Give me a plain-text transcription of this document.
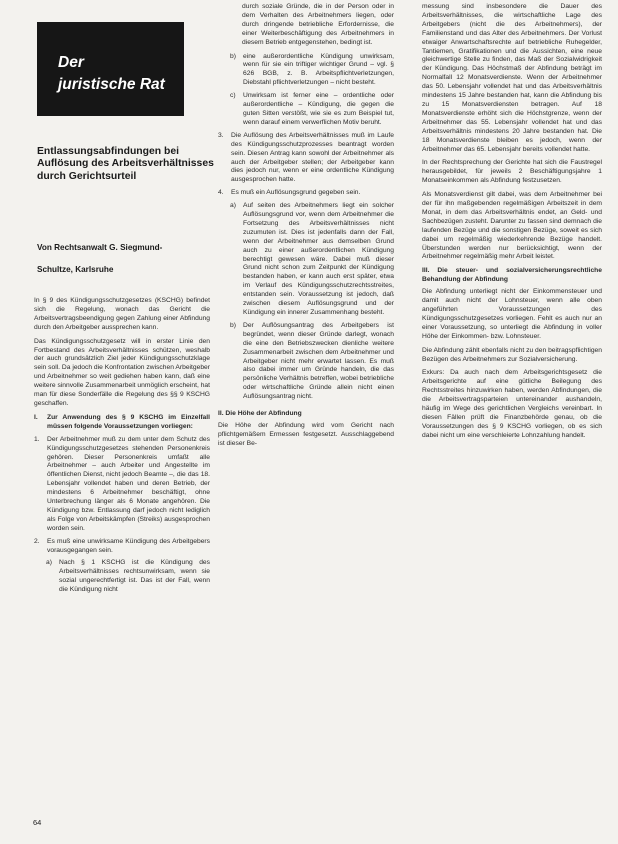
Der
juristische Rat
Entlassungsabfindungen bei Auflösung des Arbeitsverhältnisses durch Gerichtsurteil
Von Rechtsanwalt G. Siegmund-
Schultze, Karlsruhe

In § 9 des Kündigungsschutzgesetzes (KSCHG) befindet sich die Regelung, wonach das Gericht die Arbeitsvertragsbeendigung gegen Zahlung einer Abfindung durch den Arbeitgeber aussprechen kann.

Das Kündigungsschutzgesetz will in erster Linie den Fortbestand des Arbeitsverhältnisses schützen, weshalb der auch grundsätzlich Ziel jeder Kündigungsschutzklage sein soll. Da jedoch die Konfrontation zwischen Arbeitgeber und Arbeitnehmer so weit gediehen haben kann, daß eine weitere sinnvolle Zusammenarbeit unmöglich erscheint, hat man für diese Sonderfälle die Regelung des §§ 9 KSCHG geschaffen.

I.	Zur Anwendung des § 9 KSCHG im Einzelfall müssen folgende Voraussetzungen vorliegen:
1.	Der Arbeitnehmer muß zu dem unter dem Schutz des Kündigungsschutzgesetzes stehenden Personenkreis gehören. Dieser Personenkreis umfaßt alle Arbeitnehmer – auch Arbeiter und Angestellte im öffentlichen Dienst, nicht jedoch Beamte –, die das 18. Lebensjahr vollendet haben und deren Betrieb, der mindestens 6 Arbeitnehmer beschäftigt, ohne Unterbrechung länger als 6 Monate angehören. Die Kündigung bzw. Entlassung darf jedoch nicht lediglich als Folge von Arbeitskämpfen (Streiks) ausgesprochen worden sein.
2.	Es muß eine unwirksame Kündigung des Arbeitgebers vorausgegangen sein.
a)	Nach § 1 KSCHG ist die Kündigung des Arbeitsverhältnisses rechtsunwirksam, wenn sie sozial ungerechtfertigt ist. Das ist der Fall, wenn die Kündigung nicht

durch soziale Gründe, die in der Person oder in dem Verhalten des Arbeitnehmers liegen, oder durch dringende betriebliche Erfordernisse, die einer Weiterbeschäftigung des Arbeitnehmers in diesem Betrieb entgegenstehen, bedingt ist.

b)	eine außerordentliche Kündigung unwirksam, wenn für sie ein triftiger wichtiger Grund – vgl. § 626 BGB, z. B. Arbeitspflichtverletzungen, Diebstahl pflichtverletzungen – nicht besteht.
c)	Unwirksam ist ferner eine – ordentliche oder außerordentliche – Kündigung, die gegen die guten Sitten verstößt, wie sie es zum Beispiel tut, wenn darauf einem verwerflichen Motiv beruht.
3.	Die Auflösung des Arbeitsverhältnisses muß im Laufe des Kündigungsschutzprozesses beantragt worden sein. Diesen Antrag kann sowohl der Arbeitnehmer als auch der Arbeitgeber stellen; der Arbeitgeber kann dies jedoch nur, wenn er eine ordentliche Kündigung ausgesprochen hatte.
4.	Es muß ein Auflösungsgrund gegeben sein.
a)	Auf seiten des Arbeitnehmers liegt ein solcher Auflösungsgrund vor, wenn dem Arbeitnehmer die Fortsetzung des Arbeitsverhältnisses nicht zuzumuten ist. Dies ist jedenfalls dann der Fall, wenn der Arbeitnehmer aus demselben Grund auch zu einer außerordentlichen Kündigung berechtigt gewesen wäre. Dabei muß dieser Grund nicht schon zum Zeitpunkt der Kündigung bestanden haben, er kann auch erst später, etwa im Verlauf des Kündigungsschutzrechtsstreites, entstanden sein. Voraussetzung ist jedoch, daß zwischen diesem Auflösungsgrund und der Kündigung ein innerer Zusammenhang besteht.
b)	Der Auflösungsantrag des Arbeitgebers ist begründet, wenn dieser Gründe darlegt, wonach die eine den Betriebszwecken dienliche weitere Zusammenarbeit zwischen dem Arbeitnehmer und Arbeitgeber nicht mehr erwartet lassen. Es muß also dabei immer um Gründe handeln, die das persönliche Verhältnis betreffen, wobei betriebliche oder wirtschaftliche Gründe allein nicht einen Auflösungsantrag nicht.
II. Die Höhe der Abfindung

Die Höhe der Abfindung wird vom Gericht nach pflichtgemäßem Ermessen festgesetzt. Ausschlaggebend ist dieser Be-

messung sind insbesondere die Dauer des Arbeitsverhältnisses, die wirtschaftliche Lage des Arbeitgebers (nicht die des Arbeitnehmers), der Familienstand und das Alter des Arbeitnehmers. Der Vorlust etwaiger Anwartschaftsrechte auf betriebliche Ruhegelder, Tantiemen, Gratifikationen und die Aussichten, eine neue gleichwertige Stelle zu finden, das Maß der Sozialwidrigkeit der Kündigung. Das Höchstmaß der Abfindung beträgt im Normalfall 12 Monatsverdienste. Wenn der Arbeitnehmer das 50. Lebensjahr vollendet hat und das Arbeitsverhältnis mindestens 15 Jahre bestanden hat, kann die Abfindung bis zu 15 Monatsverdiensten betragen. Auf 18 Monatsverdienste erhöht sich die Höchstgrenze, wenn der Arbeitnehmer das 55. Lebensjahr vollendet hat und das Arbeitsverhältnis mindestens 20 Jahre bestanden hat. Die 18 Monatsverdienste bleiben es jedoch, wenn der Arbeitnehmer das 65. Lebensjahr bereits vollendet hatte.

In der Rechtsprechung der Gerichte hat sich die Faustregel herausgebildet, für jeweils 2 Beschäftigungsjahre 1 Monatseinkommen als Abfindung festzusetzen.

Als Monatsverdienst gilt dabei, was dem Arbeitnehmer bei der für ihn maßgebenden regelmäßigen Arbeitszeit in dem Monat, in dem das Arbeitsverhältnis endet, an Geld- und Sachbezügen zusteht. Darunter zu fassen sind demnach die laufenden Bezüge und die sonstigen Bezüge, soweit es sich dabei um regelmäßig wiederkehrende Bezüge handelt. Überstunden werden nur berücksichtigt, wenn der Arbeitnehmer regelmäßig mehr Arbeit leistet.

III. Die steuer- und sozialversicherungsrechtliche Behandlung der Abfindung

Die Abfindung unterliegt nicht der Einkommensteuer und damit auch nicht der Lohnsteuer, wenn alle oben angeführten Voraussetzungen des Kündigungsschutzgesetzes vorliegen. Fehlt es auch nur an einer Voraussetzung, so unterliegt die Abfindung in voller Höhe der Einkommen- bzw. Lohnsteuer.

Die Abfindung zählt ebenfalls nicht zu den beitragspflichtigen Bezügen des Arbeitnehmers zur Sozialversicherung.

Exkurs: Da auch nach dem Arbeitsgerichtsgesetz die Arbeitsgerichte auf eine gütliche Beilegung des Rechtsstreites hinzuwirken haben, werden Abfindungen, die die Arbeitsvertragsparteien untereinander aushandeln, häufig im Wege des gerichtlichen Vergleichs vereinbart. In diesen Fällen prüft die Finanzbehörde genau, ob die Voraussetzungen des § 9 KSCHG vorliegen, ob es sich dabei nicht um eine verschleierte Lohnzahlung handelt.

64
